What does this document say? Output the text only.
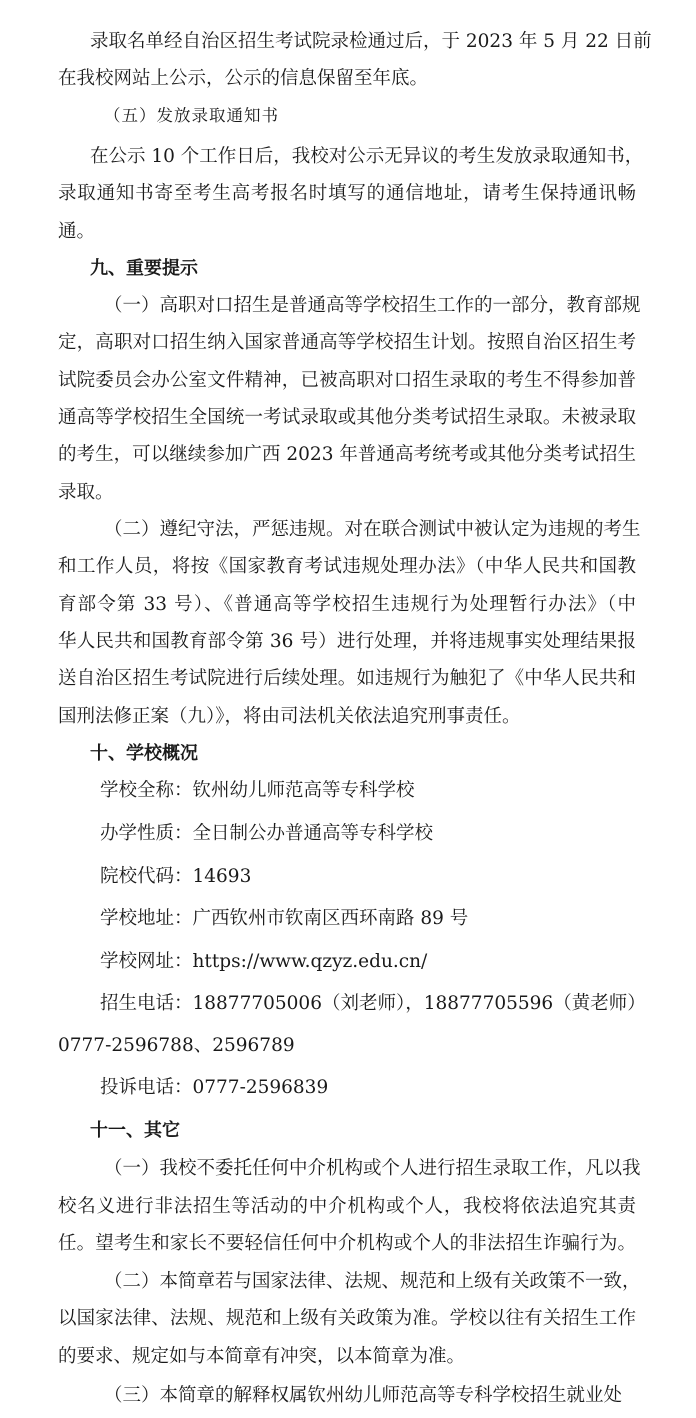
录取名单经自治区招生考试院录检通过后，于 2023 年 5 月 22 日前
在我校网站上公示，公示的信息保留至年底。
（五）发放录取通知书
在公示 10 个工作日后，我校对公示无异议的考生发放录取通知书，
录取通知书寄至考生高考报名时填写的通信地址，请考生保持通讯畅
通。
九、重要提示
（一）高职对口招生是普通高等学校招生工作的一部分，教育部规
定，高职对口招生纳入国家普通高等学校招生计划。按照自治区招生考
试院委员会办公室文件精神，已被高职对口招生录取的考生不得参加普
通高等学校招生全国统一考试录取或其他分类考试招生录取。未被录取
的考生，可以继续参加广西 2023 年普通高考统考或其他分类考试招生
录取。
（二）遵纪守法，严惩违规。对在联合测试中被认定为违规的考生
和工作人员，将按《国家教育考试违规处理办法》（中华人民共和国教
育部令第 33 号）、《普通高等学校招生违规行为处理暂行办法》（中
华人民共和国教育部令第 36 号）进行处理，并将违规事实处理结果报
送自治区招生考试院进行后续处理。如违规行为触犯了《中华人民共和
国刑法修正案（九）》，将由司法机关依法追究刑事责任。
十、学校概况
学校全称：钦州幼儿师范高等专科学校
办学性质：全日制公办普通高等专科学校
院校代码：14693
学校地址：广西钦州市钦南区西环南路 89 号
学校网址：https://www.qzyz.edu.cn/
招生电话：18877705006（刘老师），18877705596（黄老师）
0777-2596788、2596789
投诉电话：0777-2596839
十一、其它
（一）我校不委托任何中介机构或个人进行招生录取工作，凡以我
校名义进行非法招生等活动的中介机构或个人，我校将依法追究其责
任。望考生和家长不要轻信任何中介机构或个人的非法招生诈骗行为。
（二）本简章若与国家法律、法规、规范和上级有关政策不一致，
以国家法律、法规、规范和上级有关政策为准。学校以往有关招生工作
的要求、规定如与本简章有冲突，以本简章为准。
（三）本简章的解释权属钦州幼儿师范高等专科学校招生就业处
